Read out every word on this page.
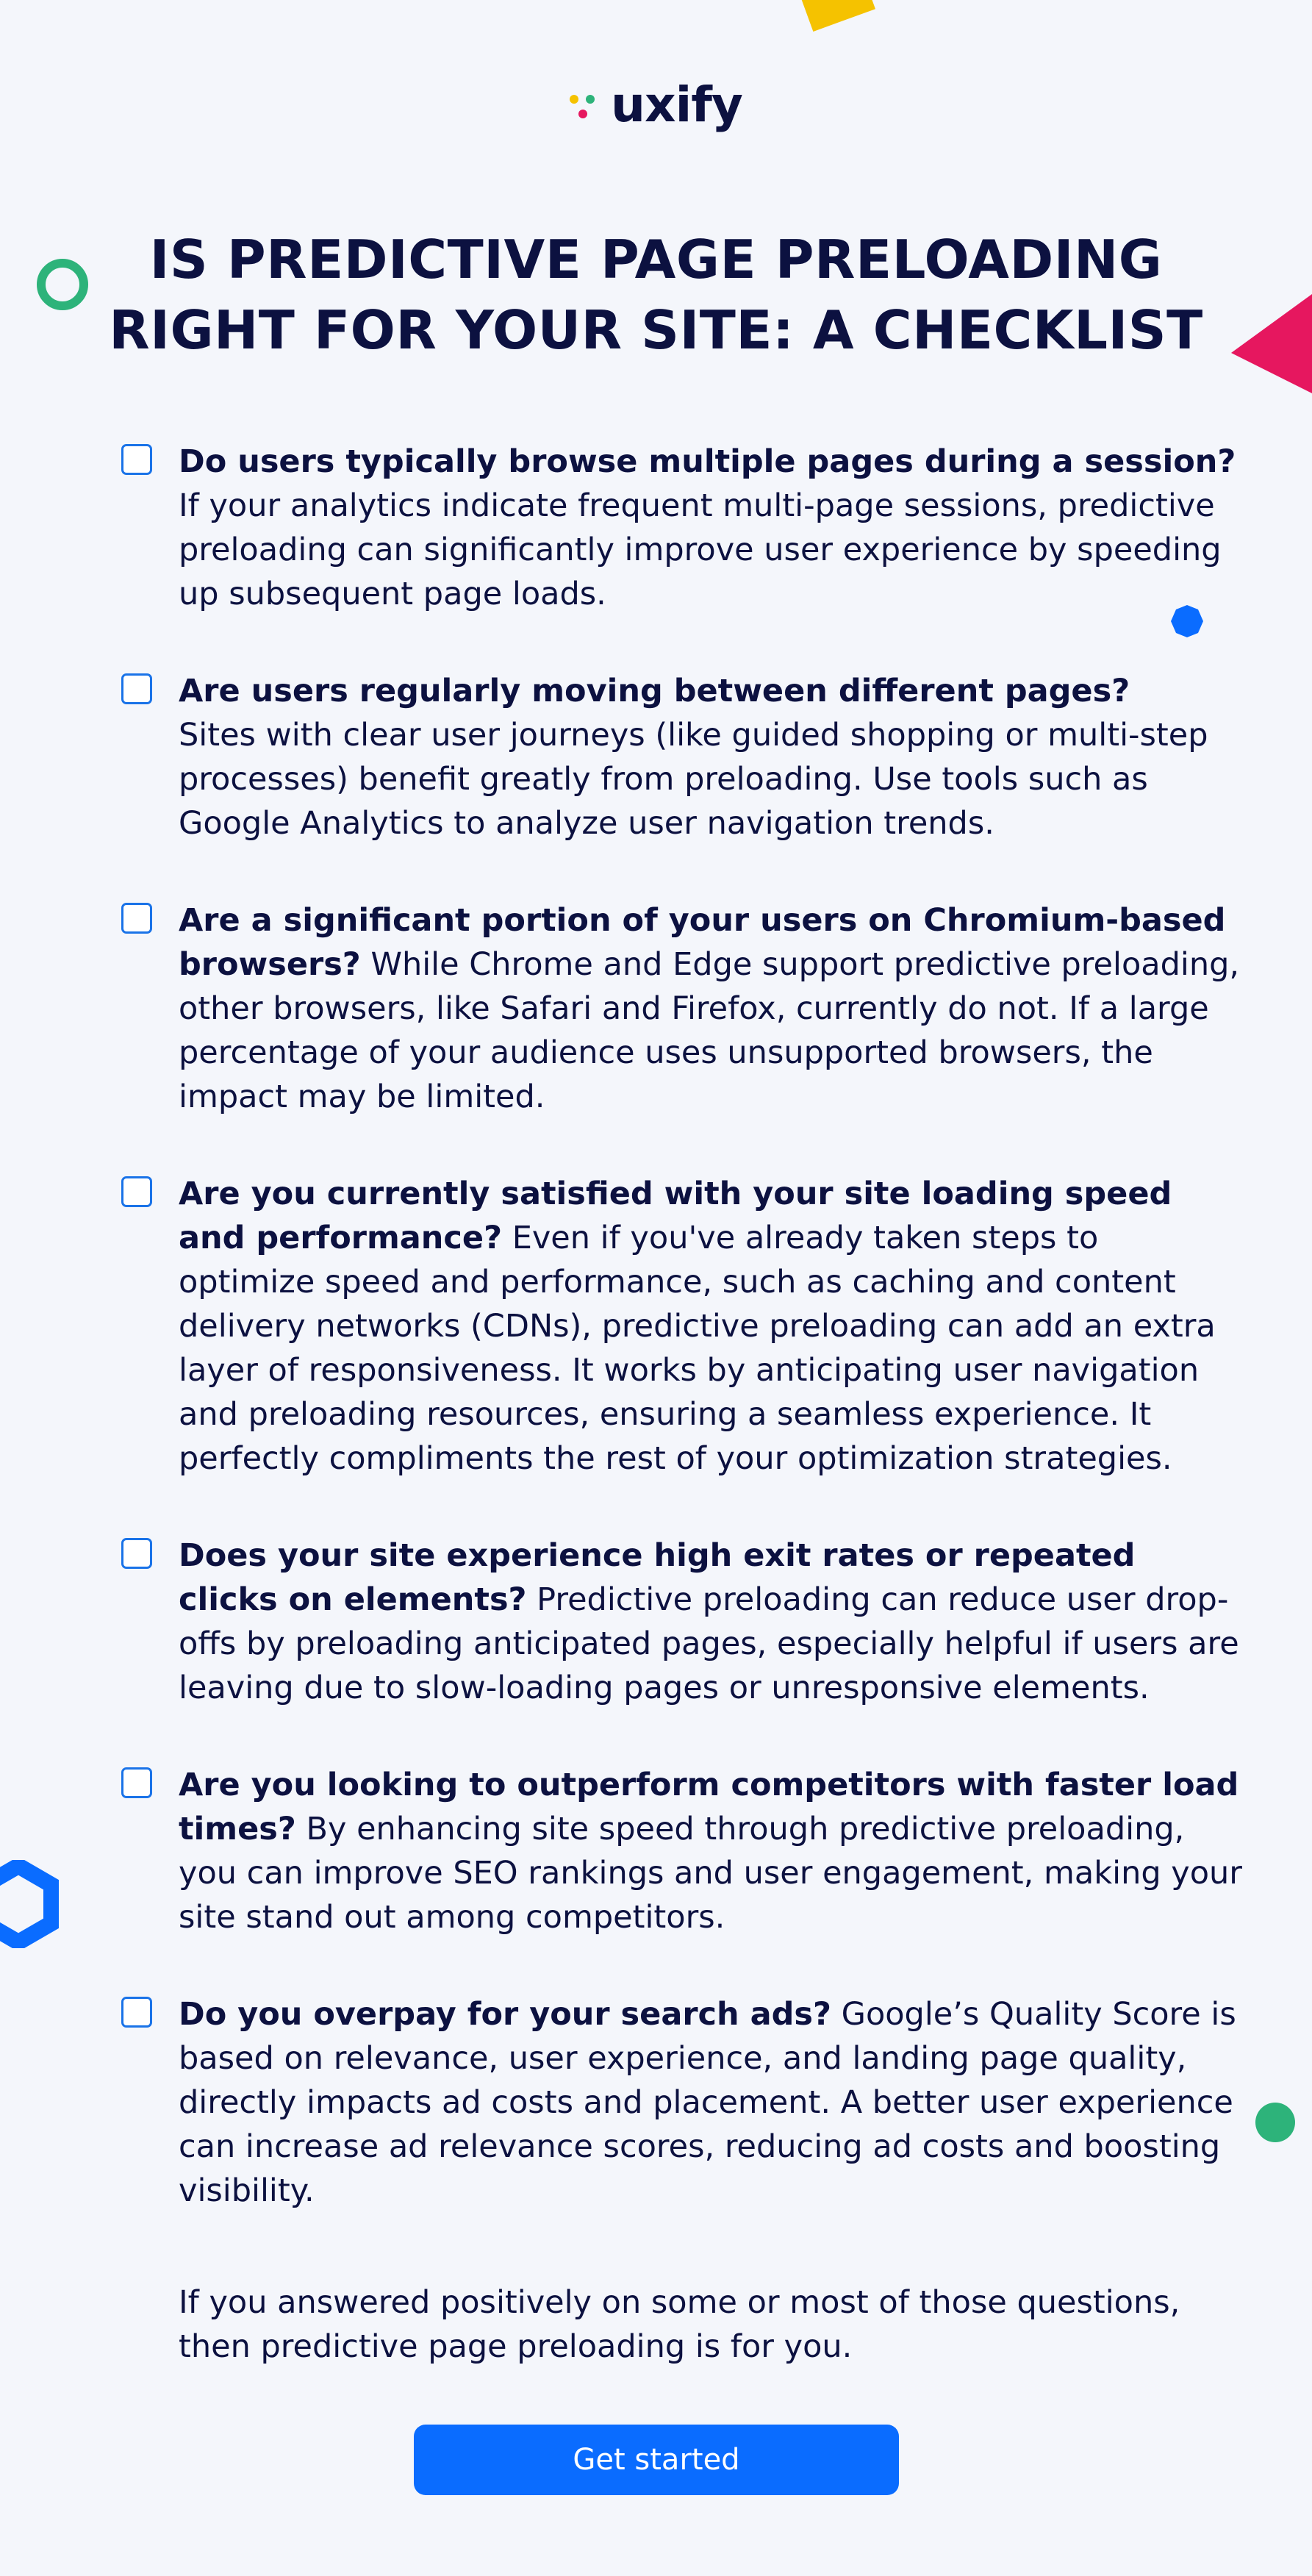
uxify
IS PREDICTIVE PAGE PRELOADING
RIGHT FOR YOUR SITE: A CHECKLIST

Do users typically browse multiple pages during a session?
If your analytics indicate frequent multi-page sessions, predictive preloading can significantly improve user experience by speeding up subsequent page loads.

Are users regularly moving between different pages?
Sites with clear user journeys (like guided shopping or multi-step processes) benefit greatly from preloading. Use tools such as Google Analytics to analyze user navigation trends.

Are a significant portion of your users on Chromium-based browsers? While Chrome and Edge support predictive preloading, other browsers, like Safari and Firefox, currently do not. If a large percentage of your audience uses unsupported browsers, the impact may be limited.

Are you currently satisfied with your site loading speed and performance? Even if you've already taken steps to optimize speed and performance, such as caching and content delivery networks (CDNs), predictive preloading can add an extra layer of responsiveness. It works by anticipating user navigation and preloading resources, ensuring a seamless experience. It perfectly compliments the rest of your optimization strategies.

Does your site experience high exit rates or repeated clicks on elements? Predictive preloading can reduce user drop-offs by preloading anticipated pages, especially helpful if users are leaving due to slow-loading pages or unresponsive elements.

Are you looking to outperform competitors with faster load times? By enhancing site speed through predictive preloading, you can improve SEO rankings and user engagement, making your site stand out among competitors.

Do you overpay for your search ads? Google’s Quality Score is based on relevance, user experience, and landing page quality, directly impacts ad costs and placement. A better user experience can increase ad relevance scores, reducing ad costs and boosting visibility.

If you answered positively on some or most of those questions, then predictive page preloading is for you.

Get started
